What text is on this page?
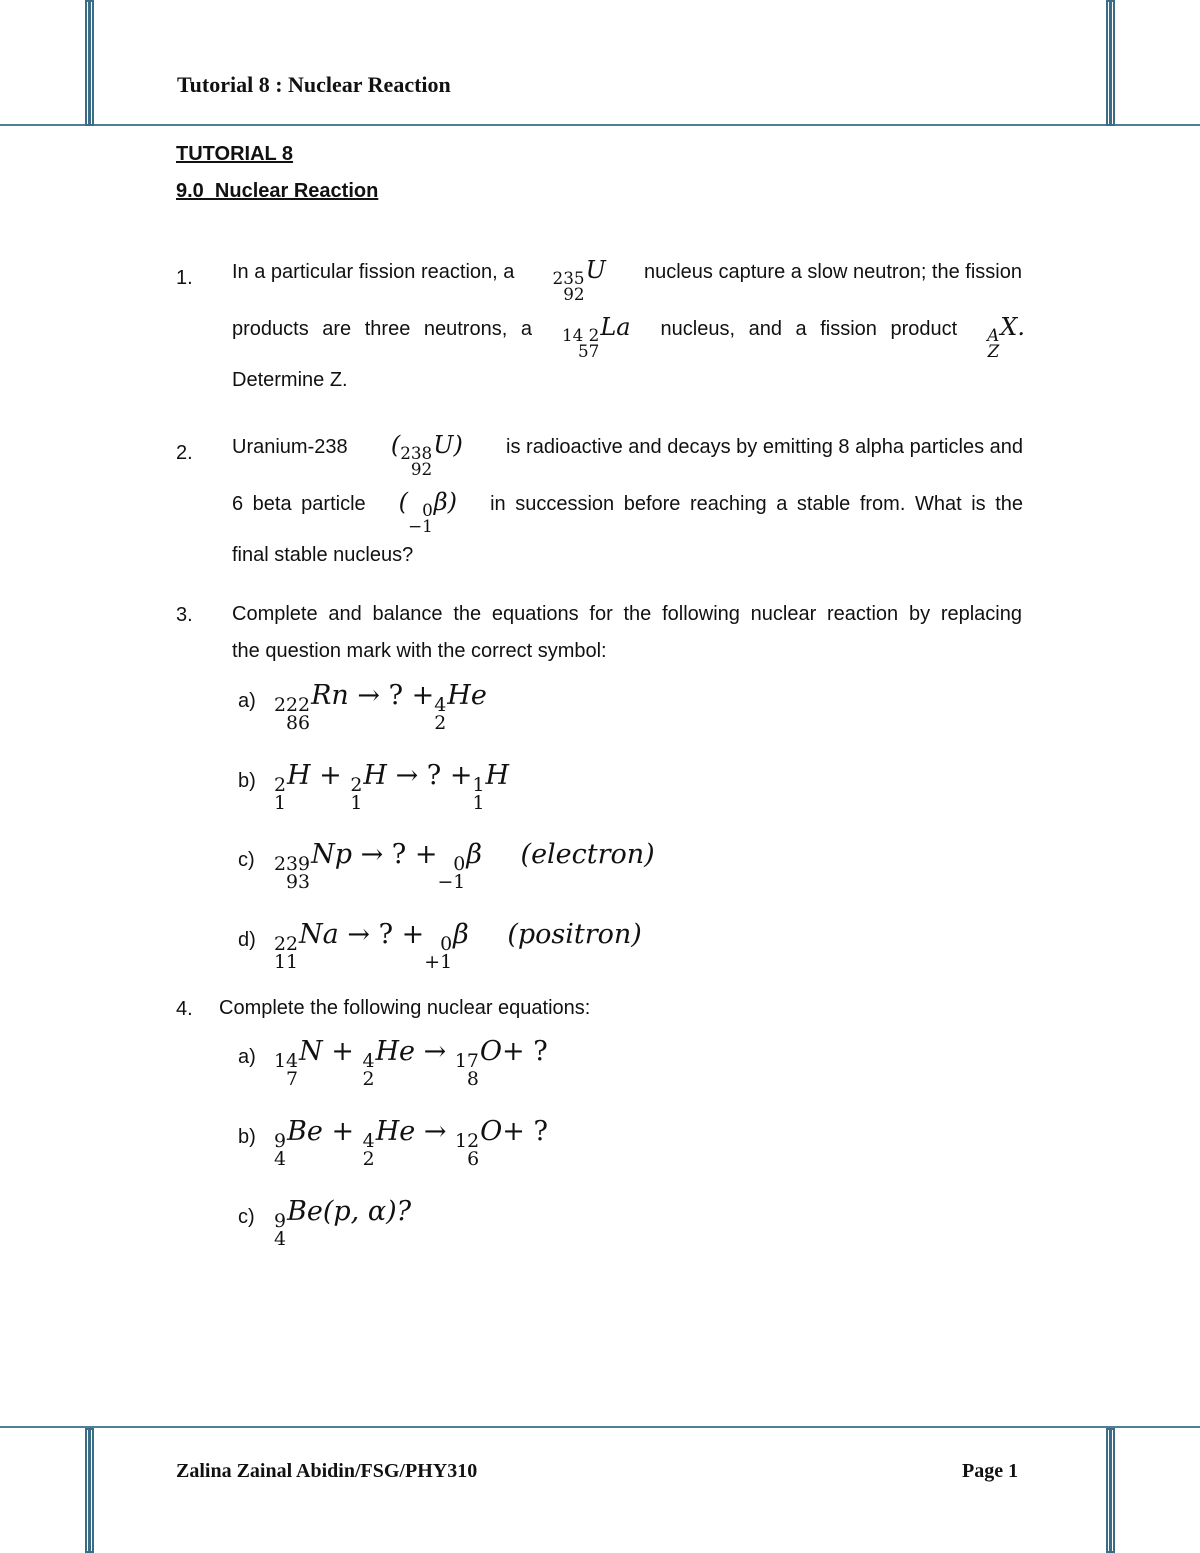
Tutorial 8 : Nuclear Reaction
TUTORIAL 8
9.0  Nuclear Reaction
1. In a particular fission reaction, a 235
92
U nucleus capture a slow neutron; the fission
products are three neutrons, a 14 2
57
La nucleus, and a fission product A
Z
X.
Determine Z.
2. Uranium-238 ( 238
92
U) is radioactive and decays by emitting 8 alpha particles and
6 beta particle ( 0
−1
β) in succession before reaching a stable from. What is the
final stable nucleus?
3. Complete and balance the equations for the following nuclear reaction by replacing
the question mark with the correct symbol:
a) 222
86
Rn → ? + 4
2
He
b) 2
1
H + 2
1
H → ? + 1
1
H
c) 239
93
Np → ? + 0
−1
β (electron)
d) 22
11
Na → ? + 0
+1
β (positron)
4. Complete the following nuclear equations:
a) 14
7
N + 4
2
He → 17
8
O+ ?
b) 9
4
Be + 4
2
He → 12
6
O+ ?
c) 9
4
Be(p, α)?
Zalina Zainal Abidin/FSG/PHY310	Page 1
